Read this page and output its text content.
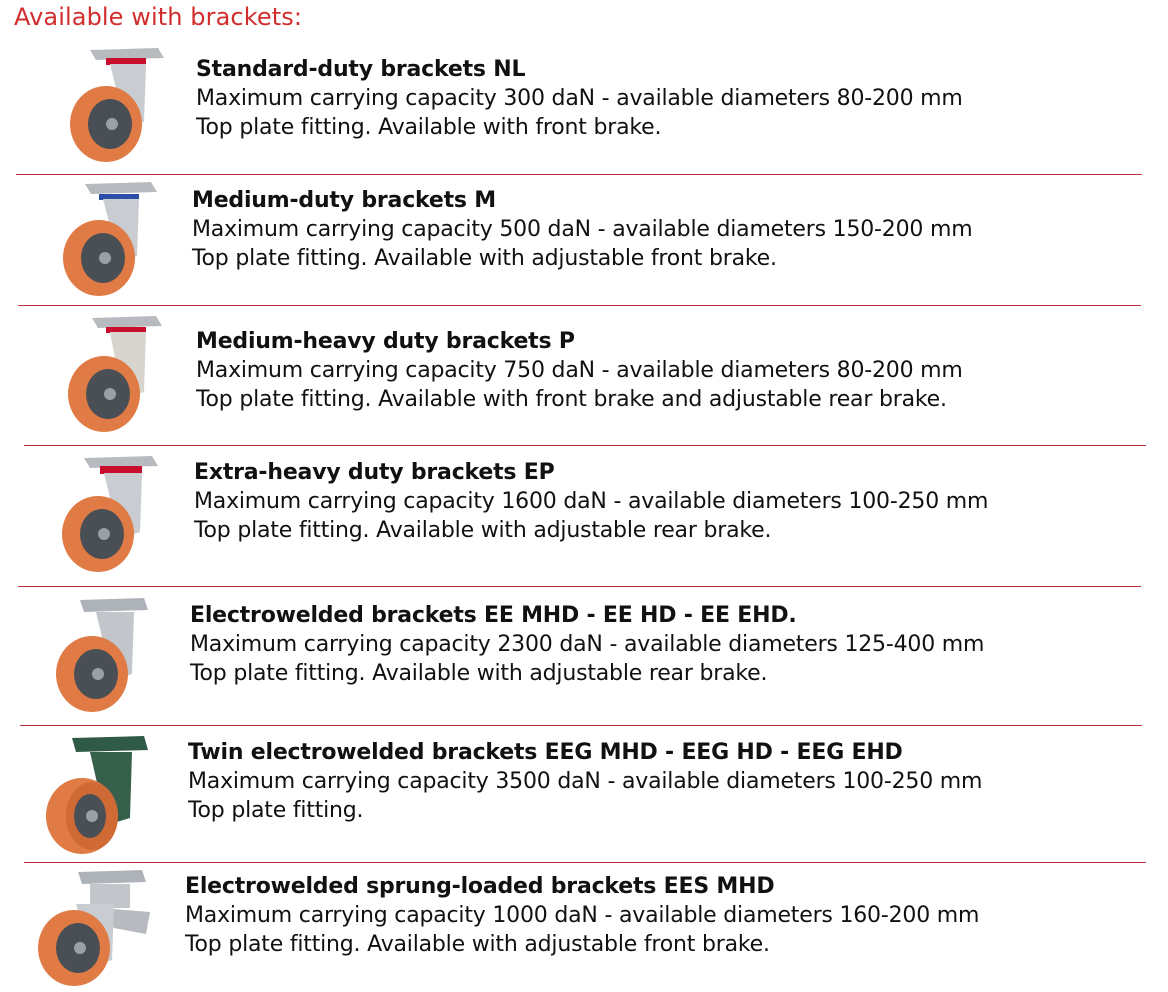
Available with brackets:
Standard-duty brackets NL
Maximum carrying capacity 300 daN - available diameters 80-200 mm
Top plate fitting. Available with front brake.
Medium-duty brackets M
Maximum carrying capacity 500 daN - available diameters 150-200 mm
Top plate fitting. Available with adjustable front brake.
Medium-heavy duty brackets P
Maximum carrying capacity 750 daN - available diameters 80-200 mm
Top plate fitting. Available with front brake and adjustable rear brake.
Extra-heavy duty brackets EP
Maximum carrying capacity 1600 daN - available diameters 100-250 mm
Top plate fitting. Available with adjustable rear brake.
Electrowelded brackets EE MHD - EE HD - EE EHD.
Maximum carrying capacity 2300 daN - available diameters 125-400 mm
Top plate fitting. Available with adjustable rear brake.
Twin electrowelded brackets EEG MHD - EEG HD - EEG EHD
Maximum carrying capacity 3500 daN - available diameters 100-250 mm
Top plate fitting.
Electrowelded sprung-loaded brackets EES MHD
Maximum carrying capacity 1000 daN - available diameters 160-200 mm
Top plate fitting. Available with adjustable front brake.
